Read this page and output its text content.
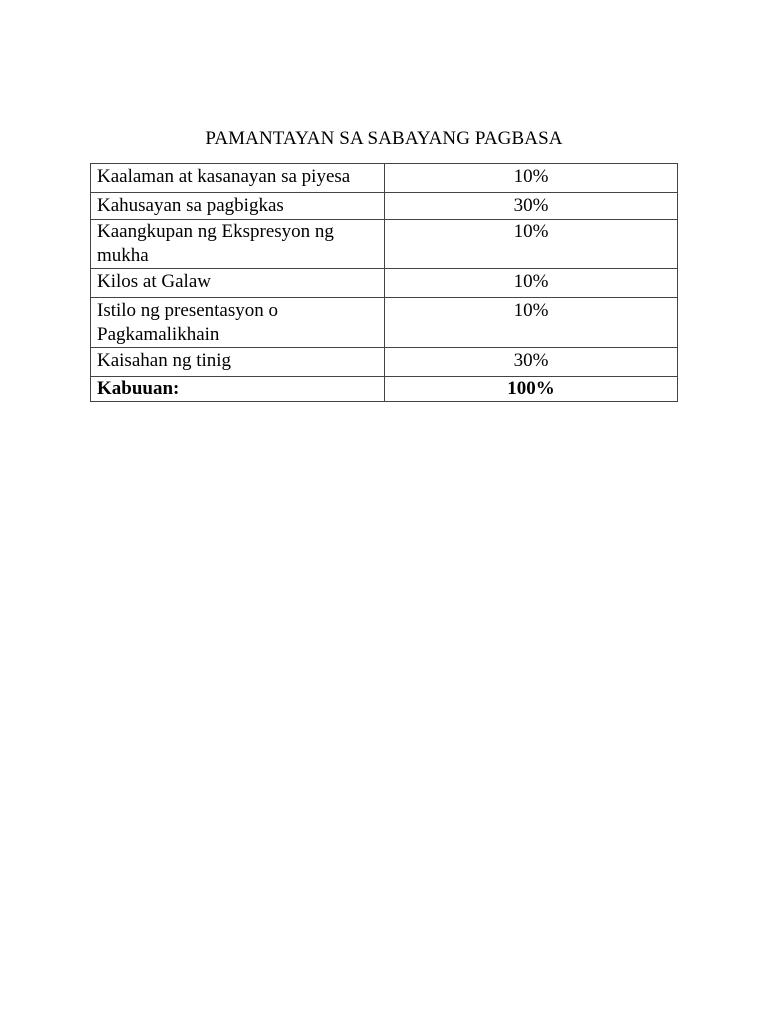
PAMANTAYAN SA SABAYANG PAGBASA
Kaalaman at kasanayan sa piyesa	10%
Kahusayan sa pagbigkas	30%
Kaangkupan ng Ekspresyon ng mukha	10%
Kilos at Galaw	10%
Istilo ng presentasyon o Pagkamalikhain	10%
Kaisahan ng tinig	30%
Kabuuan:	100%
